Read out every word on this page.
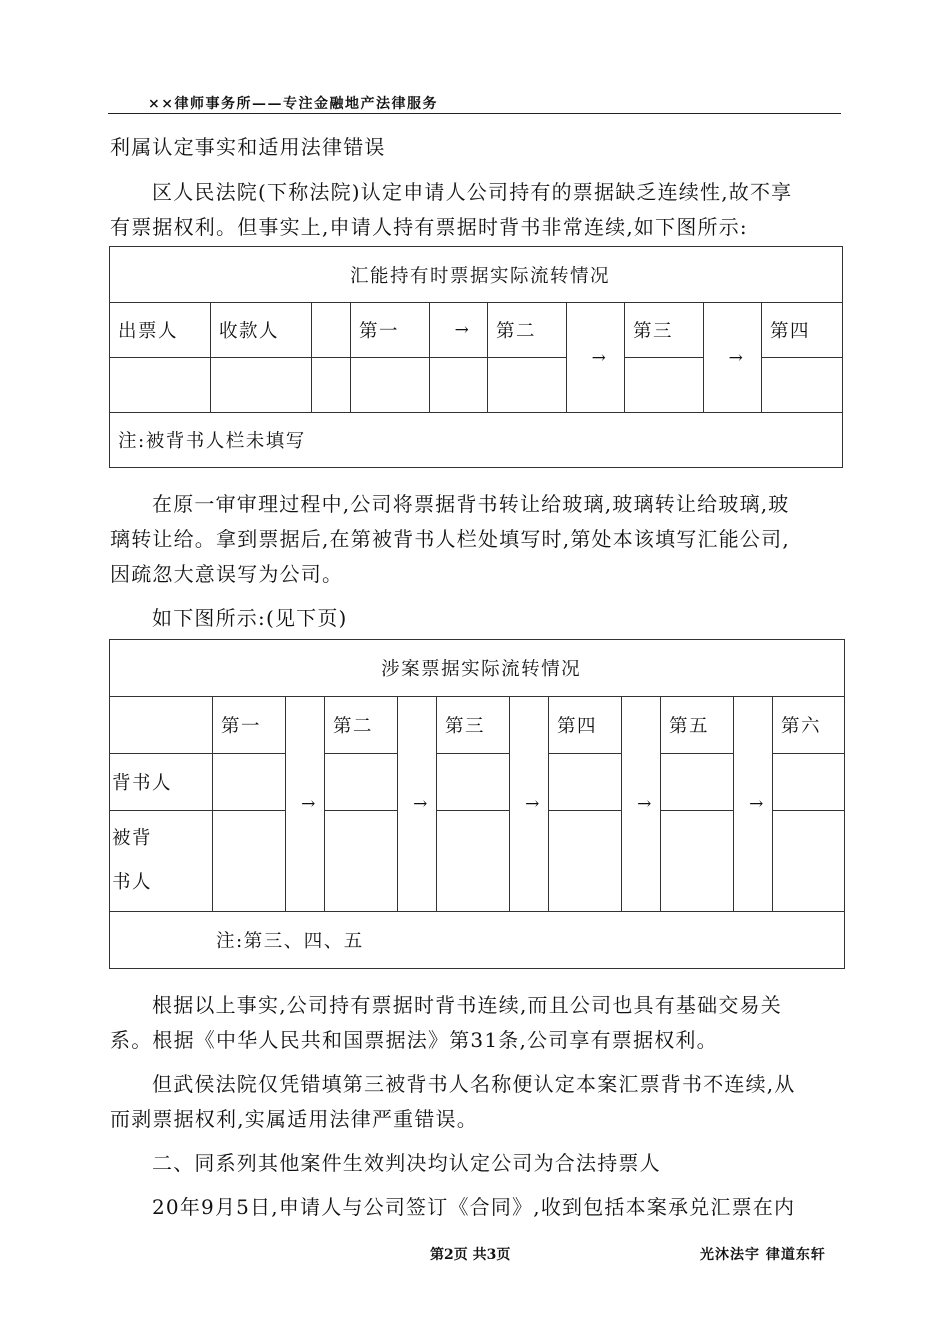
××律师事务所——专注金融地产法律服务
利属认定事实和适用法律错误
区人民法院(下称法院)认定申请人公司持有的票据缺乏连续性,故不享
有票据权利。但事实上,申请人持有票据时背书非常连续,如下图所示:
汇能持有时票据实际流转情况									
出票人	收款人		第一	→	第二	→	第三	→	第四

注:被背书人栏未填写									
在原一审审理过程中,公司将票据背书转让给玻璃,玻璃转让给玻璃,玻
璃转让给。拿到票据后,在第被背书人栏处填写时,第处本该填写汇能公司,
因疏忽大意误写为公司。
如下图所示:(见下页)
涉案票据实际流转情况											
	第一	→	第二	→	第三	→	第四	→	第五	→	第六
背书人											

被背
书人											

注:第三、四、五											
根据以上事实,公司持有票据时背书连续,而且公司也具有基础交易关
系。根据《中华人民共和国票据法》第31条,公司享有票据权利。
但武侯法院仅凭错填第三被背书人名称便认定本案汇票背书不连续,从
而剥票据权利,实属适用法律严重错误。
二、同系列其他案件生效判决均认定公司为合法持票人
20年9月5日,申请人与公司签订《合同》,收到包括本案承兑汇票在内
第2页 共3页	光沐法宇 律道东轩
